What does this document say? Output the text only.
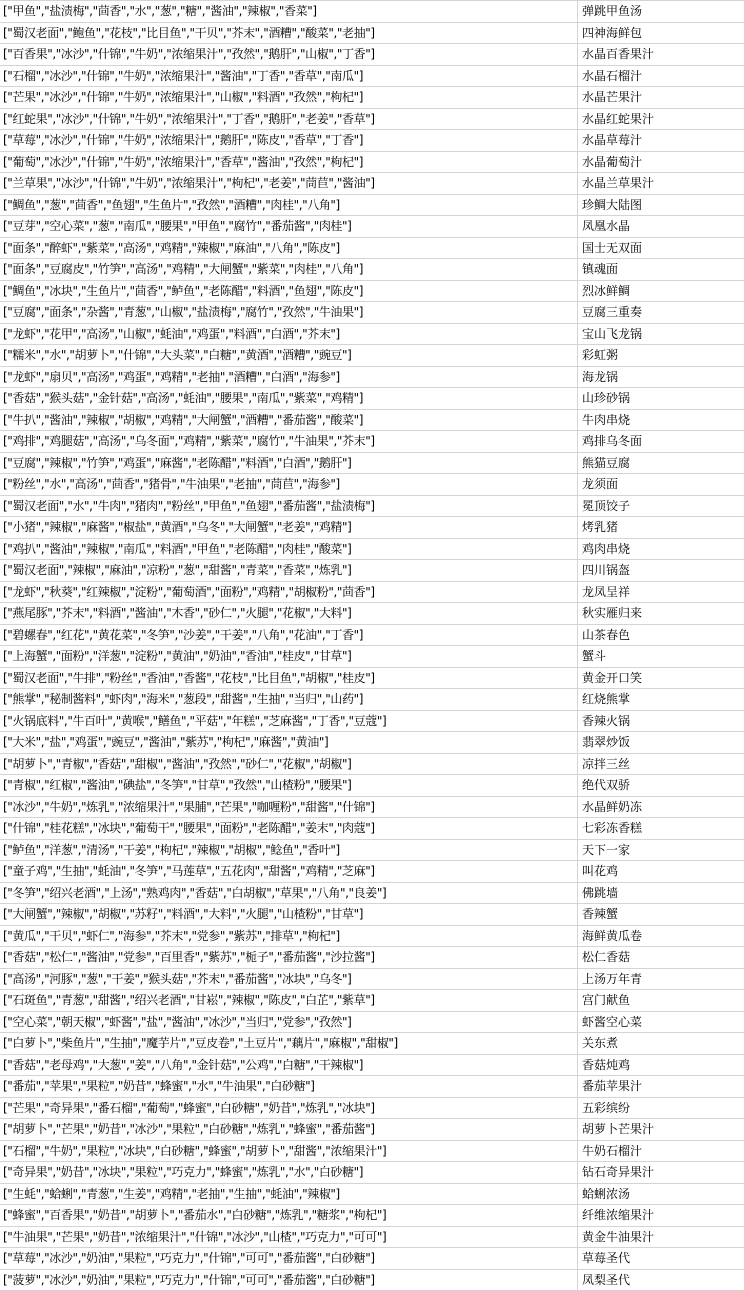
["甲鱼","盐渍梅","茴香","水","葱","糖","酱油","辣椒","香菜"]	弹跳甲鱼汤
["蜀汉老面","鲍鱼","花枝","比目鱼","干贝","芥末","酒糟","酸菜","老抽"]	四神海鲜包
["百香果","冰沙","什锦","牛奶","浓缩果汁","孜然","鹅肝","山椒","丁香"]	水晶百香果汁
["石榴","冰沙","什锦","牛奶","浓缩果汁","酱油","丁香","香草","南瓜"]	水晶石榴汁
["芒果","冰沙","什锦","牛奶","浓缩果汁","山椒","料酒","孜然","枸杞"]	水晶芒果汁
["红蛇果","冰沙","什锦","牛奶","浓缩果汁","丁香","鹅肝","老姜","香草"]	水晶红蛇果汁
["草莓","冰沙","什锦","牛奶","浓缩果汁","鹅肝","陈皮","香草","丁香"]	水晶草莓汁
["葡萄","冰沙","什锦","牛奶","浓缩果汁","香草","酱油","孜然","枸杞"]	水晶葡萄汁
["兰草果","冰沙","什锦","牛奶","浓缩果汁","枸杞","老姜","茼苣","酱油"]	水晶兰草果汁
["鲷鱼","葱","茴香","鱼翅","生鱼片","孜然","酒糟","肉桂","八角"]	珍鲷大陆图
["豆芽","空心菜","葱","南瓜","腰果","甲鱼","腐竹","番茄酱","肉桂"]	凤凰水晶
["面条","醉虾","紫菜","高汤","鸡精","辣椒","麻油","八角","陈皮"]	国士无双面
["面条","豆腐皮","竹笋","高汤","鸡精","大闸蟹","紫菜","肉桂","八角"]	镇魂面
["鲷鱼","冰块","生鱼片","茴香","鲈鱼","老陈醋","料酒","鱼翅","陈皮"]	烈冰鲜鲷
["豆腐","面条","杂酱","青葱","山椒","盐渍梅","腐竹","孜然","牛油果"]	豆腐三重奏
["龙虾","花甲","高汤","山椒","蚝油","鸡蛋","料酒","白酒","芥末"]	宝山飞龙锅
["糯米","水","胡萝卜","什锦","大头菜","白糖","黄酒","酒糟","豌豆"]	彩虹粥
["龙虾","扇贝","高汤","鸡蛋","鸡精","老抽","酒糟","白酒","海参"]	海龙锅
["香菇","猴头菇","金针菇","高汤","蚝油","腰果","南瓜","紫菜","鸡精"]	山珍砂锅
["牛扒","酱油","辣椒","胡椒","鸡精","大闸蟹","酒糟","番茄酱","酸菜"]	牛肉串烧
["鸡排","鸡腿菇","高汤","乌冬面","鸡精","紫菜","腐竹","牛油果","芥末"]	鸡排乌冬面
["豆腐","辣椒","竹笋","鸡蛋","麻酱","老陈醋","料酒","白酒","鹅肝"]	熊猫豆腐
["粉丝","水","高汤","茴香","猪骨","牛油果","老抽","茼苣","海参"]	龙须面
["蜀汉老面","水","牛肉","猪肉","粉丝","甲鱼","鱼翅","番茄酱","盐渍梅"]	冕顶饺子
["小猪","辣椒","麻酱","椒盐","黄酒","乌冬","大闸蟹","老姜","鸡精"]	烤乳猪
["鸡扒","酱油","辣椒","南瓜","料酒","甲鱼","老陈醋","肉桂","酸菜"]	鸡肉串烧
["蜀汉老面","辣椒","麻油","凉粉","葱","甜酱","青菜","香菜","炼乳"]	四川锅盔
["龙虾","秋葵","红辣椒","淀粉","葡萄酒","面粉","鸡精","胡椒粉","茴香"]	龙凤呈祥
["燕尾豚","芥末","料酒","酱油","木香","砂仁","火腿","花椒","大料"]	秋实雁归来
["碧螺春","红花","黄花菜","冬笋","沙姜","干姜","八角","花油","丁香"]	山茶春色
["上海蟹","面粉","洋葱","淀粉","黄油","奶油","香油","桂皮","甘草"]	蟹斗
["蜀汉老面","牛排","粉丝","香油","香酱","花枝","比目鱼","胡椒","桂皮"]	黄金开口笑
["熊掌","秘制酱料","虾肉","海米","葱段","甜酱","生抽","当归","山药"]	红烧熊掌
["火锅底料","牛百叶","黄喉","鳝鱼","平菇","年糕","芝麻酱","丁香","豆蔻"]	香辣火锅
["大米","盐","鸡蛋","豌豆","酱油","紫苏","枸杞","麻酱","黄油"]	翡翠炒饭
["胡萝卜","青椒","香菇","甜椒","酱油","孜然","砂仁","花椒","胡椒"]	凉拌三丝
["青椒","红椒","酱油","碘盐","冬笋","甘草","孜然","山楂粉","腰果"]	绝代双骄
["冰沙","牛奶","炼乳","浓缩果汁","果脯","芒果","咖喱粉","甜酱","什锦"]	水晶鲜奶冻
["什锦","桂花糕","冰块","葡萄干","腰果","面粉","老陈醋","姜末","肉蔻"]	七彩冻香糕
["鲈鱼","洋葱","清汤","干姜","枸杞","辣椒","胡椒","鲶鱼","香叶"]	天下一家
["童子鸡","生抽","蚝油","冬笋","马莲草","五花肉","甜酱","鸡精","芝麻"]	叫花鸡
["冬笋","绍兴老酒","上汤","熟鸡肉","香菇","白胡椒","草果","八角","良姜"]	佛跳墙
["大闸蟹","辣椒","胡椒","苏籽","料酒","大料","火腿","山楂粉","甘草"]	香辣蟹
["黄瓜","干贝","虾仁","海参","芥末","党参","紫苏","排草","枸杞"]	海鲜黄瓜卷
["香菇","松仁","酱油","党参","百里香","紫苏","栀子","番茄酱","沙拉酱"]	松仁香菇
["高汤","河豚","葱","干姜","猴头菇","芥末","番茄酱","冰块","乌冬"]	上汤万年青
["石斑鱼","青葱","甜酱","绍兴老酒","甘崧","辣椒","陈皮","白芷","紫草"]	宫门献鱼
["空心菜","朝天椒","虾酱","盐","酱油","冰沙","当归","党参","孜然"]	虾酱空心菜
["白萝卜","柴鱼片","生抽","魔芋片","豆皮卷","土豆片","藕片","麻椒","甜椒"]	关东煮
["香菇","老母鸡","大葱","姜","八角","金针菇","公鸡","白糖","干辣椒"]	香菇炖鸡
["番茄","苹果","果粒","奶昔","蜂蜜","水","牛油果","白砂糖"]	番茄苹果汁
["芒果","奇异果","番石榴","葡萄","蜂蜜","白砂糖","奶昔","炼乳","冰块"]	五彩缤纷
["胡萝卜","芒果","奶昔","冰沙","果粒","白砂糖","炼乳","蜂蜜","番茄酱"]	胡萝卜芒果汁
["石榴","牛奶","果粒","冰块","白砂糖","蜂蜜","胡萝卜","甜酱","浓缩果汁"]	牛奶石榴汁
["奇异果","奶昔","冰块","果粒","巧克力","蜂蜜","炼乳","水","白砂糖"]	钻石奇异果汁
["生蚝","蛤蜊","青葱","生姜","鸡精","老抽","生抽","蚝油","辣椒"]	蛤蜊浓汤
["蜂蜜","百香果","奶昔","胡萝卜","番茄水","白砂糖","炼乳","糖浆","枸杞"]	纤维浓缩果汁
["牛油果","芒果","奶昔","浓缩果汁","什锦","冰沙","山楂","巧克力","可可"]	黄金牛油果汁
["草莓","冰沙","奶油","果粒","巧克力","什锦","可可","番茄酱","白砂糖"]	草莓圣代
["菠萝","冰沙","奶油","果粒","巧克力","什锦","可可","番茄酱","白砂糖"]	凤梨圣代
